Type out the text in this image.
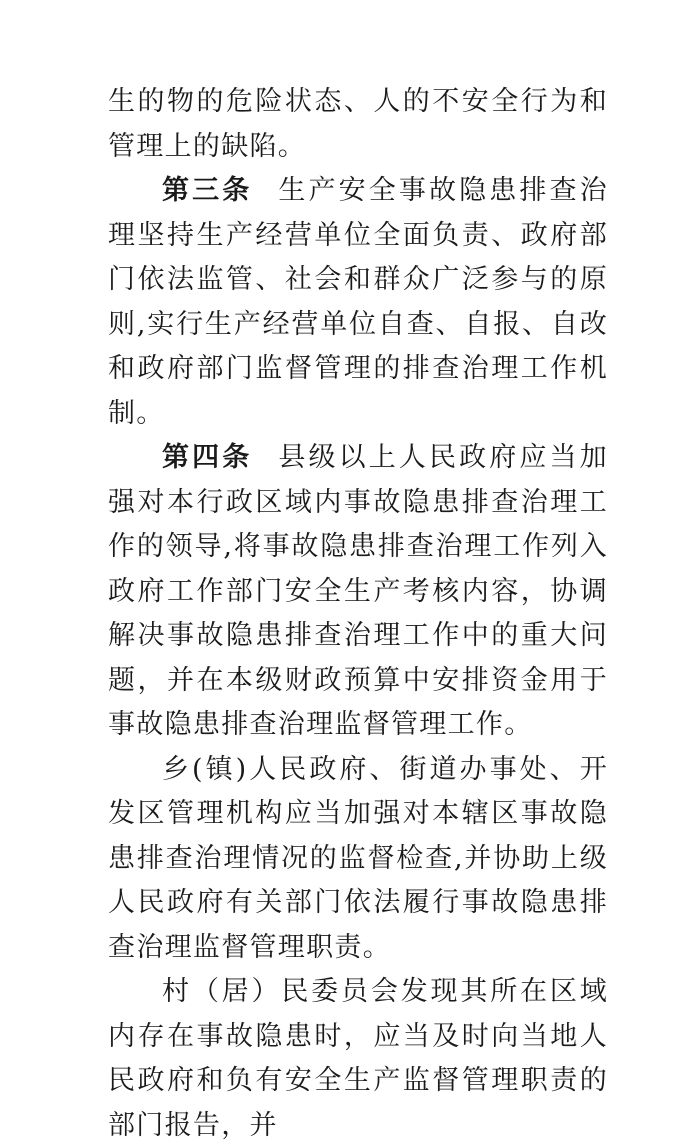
生的物的危险状态、人的不安全行为和管理上的缺陷。

第三条 生产安全事故隐患排查治理坚持生产经营单位全面负责、政府部门依法监管、社会和群众广泛参与的原则,实行生产经营单位自查、自报、自改和政府部门监督管理的排查治理工作机制。

第四条 县级以上人民政府应当加强对本行政区域内事故隐患排查治理工作的领导,将事故隐患排查治理工作列入政府工作部门安全生产考核内容，协调解决事故隐患排查治理工作中的重大问题，并在本级财政预算中安排资金用于事故隐患排查治理监督管理工作。

乡(镇)人民政府、街道办事处、开发区管理机构应当加强对本辖区事故隐患排查治理情况的监督检查,并协助上级人民政府有关部门依法履行事故隐患排查治理监督管理职责。

村（居）民委员会发现其所在区域内存在事故隐患时，应当及时向当地人民政府和负有安全生产监督管理职责的部门报告，并
